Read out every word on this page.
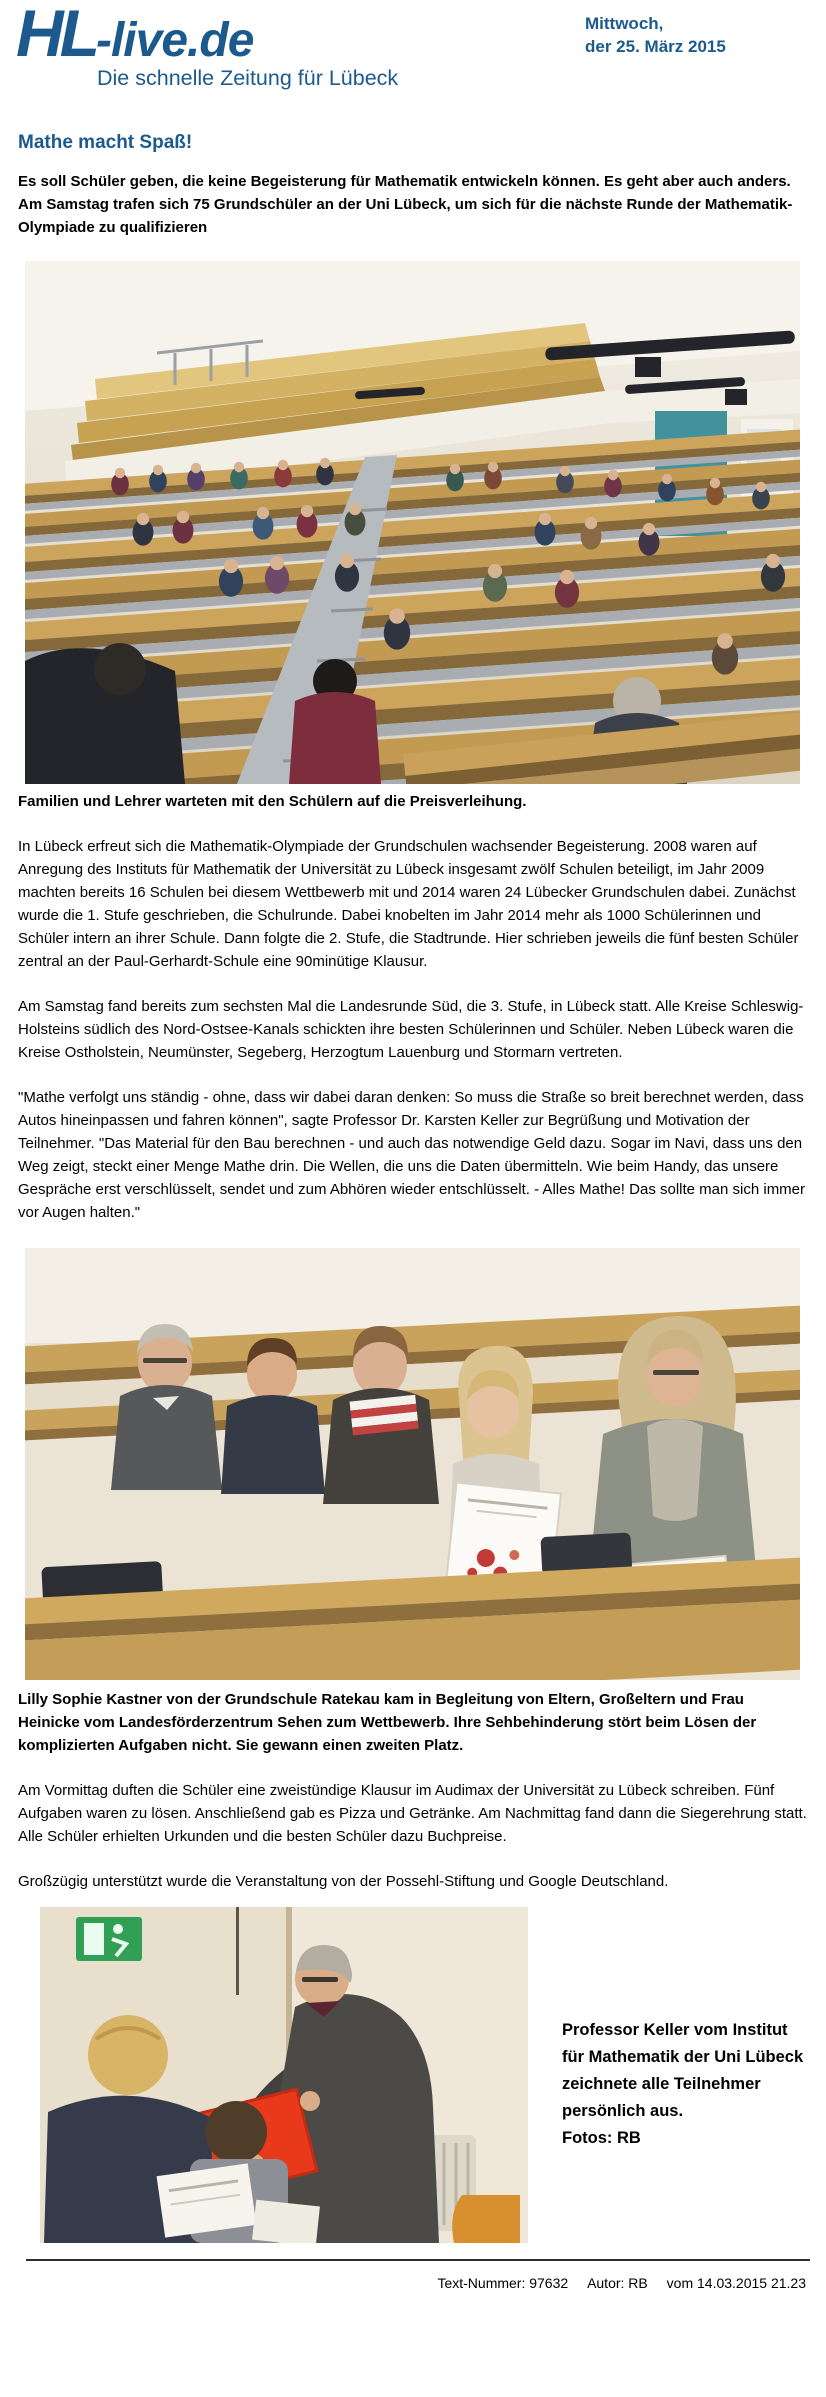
HL-live.de
Die schnelle Zeitung für Lübeck
Mittwoch,
der 25. März 2015
Mathe macht Spaß!

Es soll Schüler geben, die keine Begeisterung für Mathematik entwickeln können. Es geht aber auch anders. Am Samstag trafen sich 75 Grundschüler an der Uni Lübeck, um sich für die nächste Runde der Mathematik-Olympiade zu qualifizieren

Familien und Lehrer warteten mit den Schülern auf die Preisverleihung.

In Lübeck erfreut sich die Mathematik-Olympiade der Grundschulen wachsender Begeisterung. 2008 waren auf Anregung des Instituts für Mathematik der Universität zu Lübeck insgesamt zwölf Schulen beteiligt, im Jahr 2009 machten bereits 16 Schulen bei diesem Wettbewerb mit und 2014 waren 24 Lübecker Grundschulen dabei. Zunächst wurde die 1. Stufe geschrieben, die Schulrunde. Dabei knobelten im Jahr 2014 mehr als 1000 Schülerinnen und Schüler intern an ihrer Schule. Dann folgte die 2. Stufe, die Stadtrunde. Hier schrieben jeweils die fünf besten Schüler zentral an der Paul-Gerhardt-Schule eine 90minütige Klausur.

Am Samstag fand bereits zum sechsten Mal die Landesrunde Süd, die 3. Stufe, in Lübeck statt. Alle Kreise Schleswig-Holsteins südlich des Nord-Ostsee-Kanals schickten ihre besten Schülerinnen und Schüler. Neben Lübeck waren die Kreise Ostholstein, Neumünster, Segeberg, Herzogtum Lauenburg und Stormarn vertreten.

"Mathe verfolgt uns ständig - ohne, dass wir dabei daran denken: So muss die Straße so breit berechnet werden, dass Autos hineinpassen und fahren können", sagte Professor Dr. Karsten Keller zur Begrüßung und Motivation der Teilnehmer. "Das Material für den Bau berechnen - und auch das notwendige Geld dazu. Sogar im Navi, dass uns den Weg zeigt, steckt einer Menge Mathe drin. Die Wellen, die uns die Daten übermitteln. Wie beim Handy, das unsere Gespräche erst verschlüsselt, sendet und zum Abhören wieder entschlüsselt. - Alles Mathe! Das sollte man sich immer vor Augen halten."

Lilly Sophie Kastner von der Grundschule Ratekau kam in Begleitung von Eltern, Großeltern und Frau Heinicke vom Landesförderzentrum Sehen zum Wettbewerb. Ihre Sehbehinderung stört beim Lösen der komplizierten Aufgaben nicht. Sie gewann einen zweiten Platz.

Am Vormittag duften die Schüler eine zweistündige Klausur im Audimax der Universität zu Lübeck schreiben. Fünf Aufgaben waren zu lösen. Anschließend gab es Pizza und Getränke. Am Nachmittag fand dann die Siegerehrung statt. Alle Schüler erhielten Urkunden und die besten Schüler dazu Buchpreise.

Großzügig unterstützt wurde die Veranstaltung von der Possehl-Stiftung und Google Deutschland.

Professor Keller vom Institut für Mathematik der Uni Lübeck zeichnete alle Teilnehmer persönlich aus.
Fotos: RB

Text-Nummer: 97632 Autor: RB vom 14.03.2015 21.23
